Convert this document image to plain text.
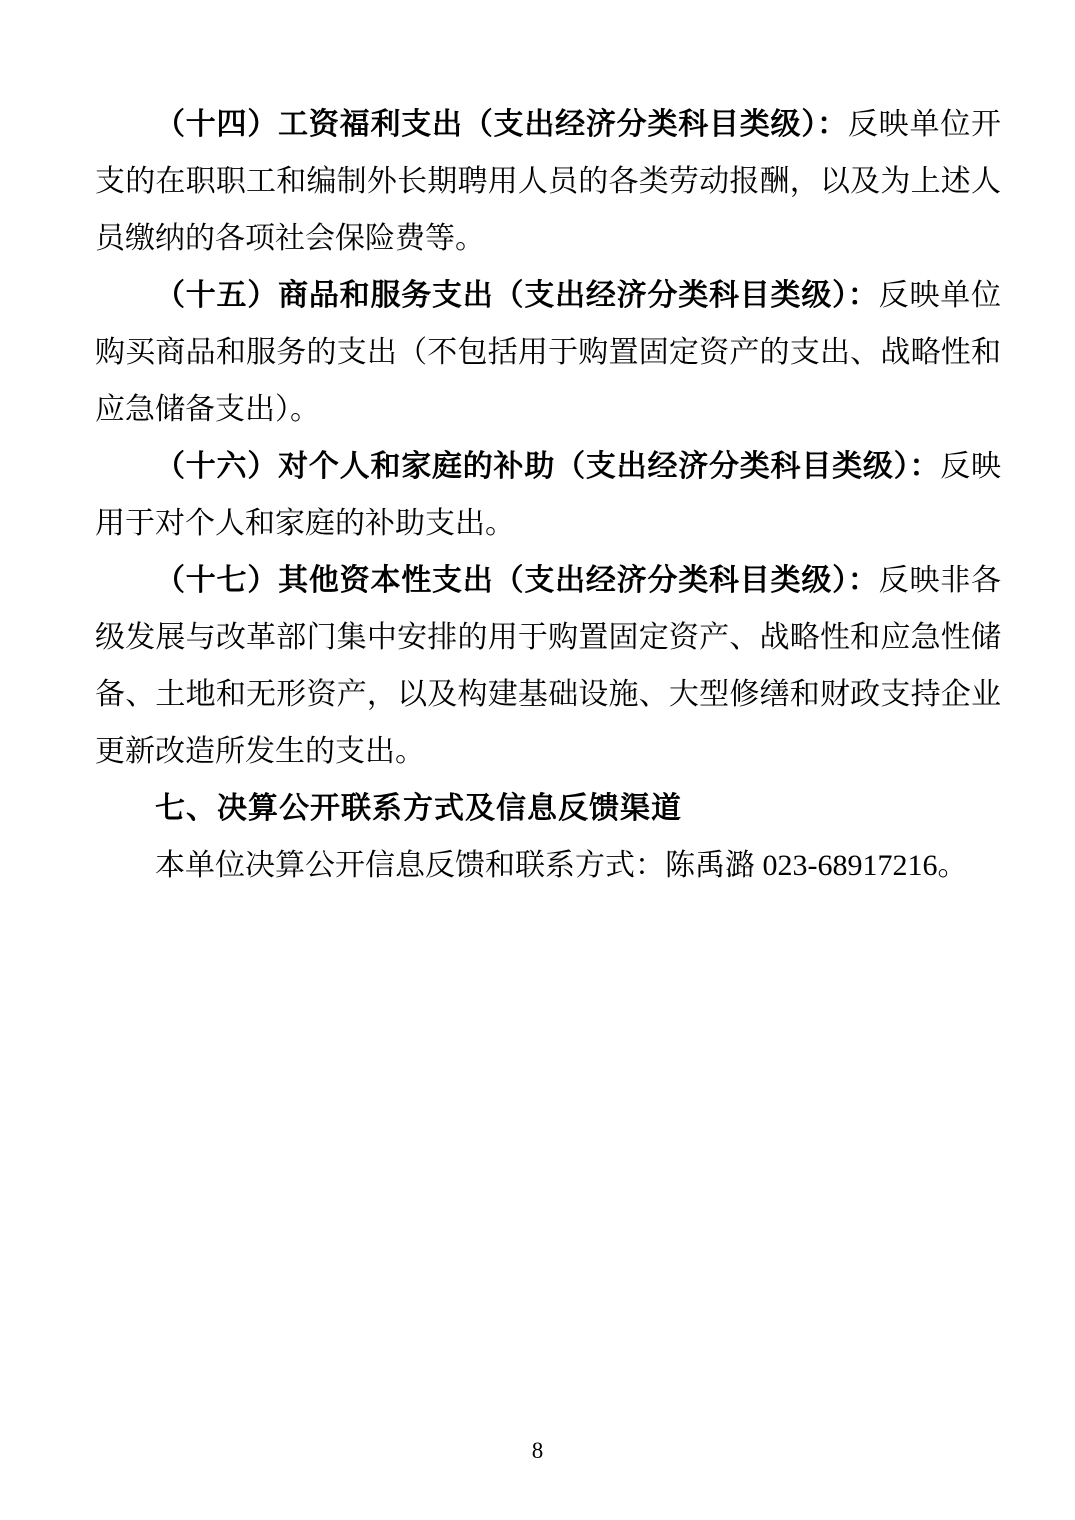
（十四）工资福利支出（支出经济分类科目类级）：反映单位开支的在职职工和编制外长期聘用人员的各类劳动报酬，以及为上述人员缴纳的各项社会保险费等。

（十五）商品和服务支出（支出经济分类科目类级）：反映单位购买商品和服务的支出（不包括用于购置固定资产的支出、战略性和应急储备支出）。

（十六）对个人和家庭的补助（支出经济分类科目类级）：反映用于对个人和家庭的补助支出。

（十七）其他资本性支出（支出经济分类科目类级）：反映非各级发展与改革部门集中安排的用于购置固定资产、战略性和应急性储备、土地和无形资产，以及构建基础设施、大型修缮和财政支持企业更新改造所发生的支出。

七、决算公开联系方式及信息反馈渠道

本单位决算公开信息反馈和联系方式：陈禹潞 023-68917216。

8
